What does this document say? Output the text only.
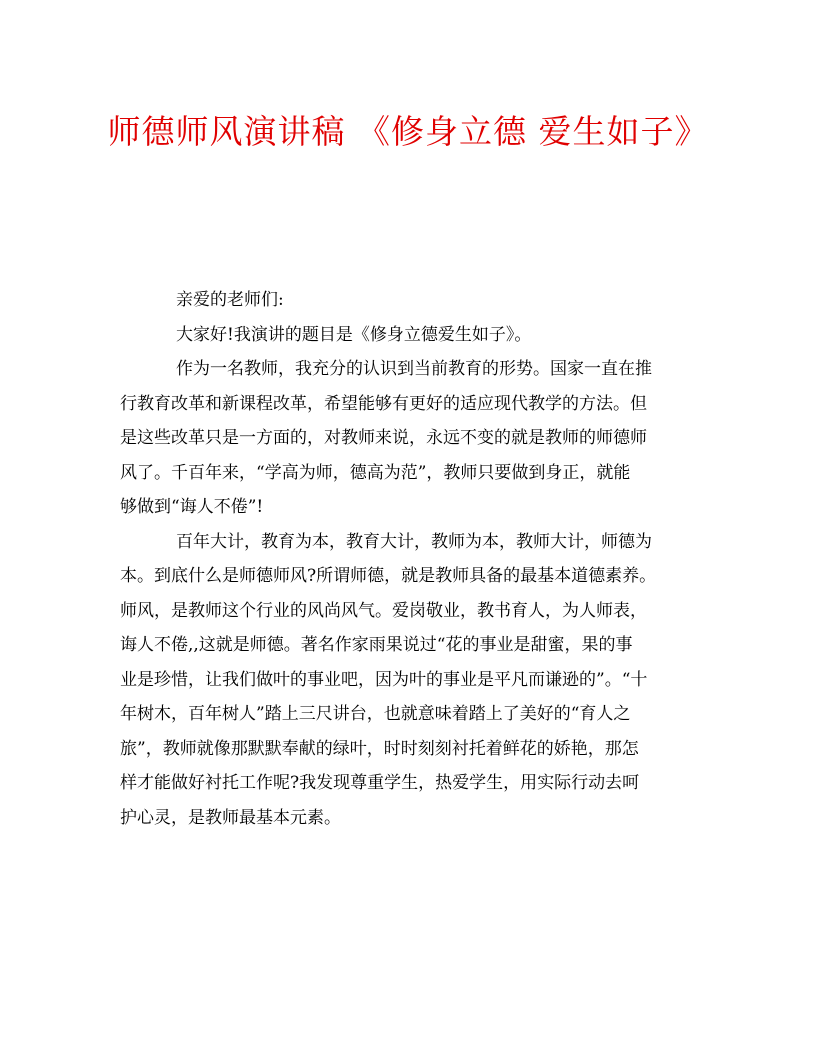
师德师风演讲稿 《修身立德 爱生如子》

亲爱的老师们:

大家好!我演讲的题目是《修身立德爱生如子》。

作为一名教师，我充分的认识到当前教育的形势。国家一直在推

行教育改革和新课程改革，希望能够有更好的适应现代教学的方法。但

是这些改革只是一方面的，对教师来说，永远不变的就是教师的师德师

风了。千百年来，“学高为师，德高为范”，教师只要做到身正，就能

够做到“诲人不倦”!

百年大计，教育为本，教育大计，教师为本，教师大计，师德为

本。到底什么是师德师风?所谓师德，就是教师具备的最基本道德素养。

师风，是教师这个行业的风尚风气。爱岗敬业，教书育人，为人师表，

诲人不倦,,这就是师德。著名作家雨果说过“花的事业是甜蜜，果的事

业是珍惜，让我们做叶的事业吧，因为叶的事业是平凡而谦逊的”。“十

年树木，百年树人”踏上三尺讲台，也就意味着踏上了美好的“育人之

旅”，教师就像那默默奉献的绿叶，时时刻刻衬托着鲜花的娇艳，那怎

样才能做好衬托工作呢?我发现尊重学生，热爱学生，用实际行动去呵

护心灵，是教师最基本元素。
